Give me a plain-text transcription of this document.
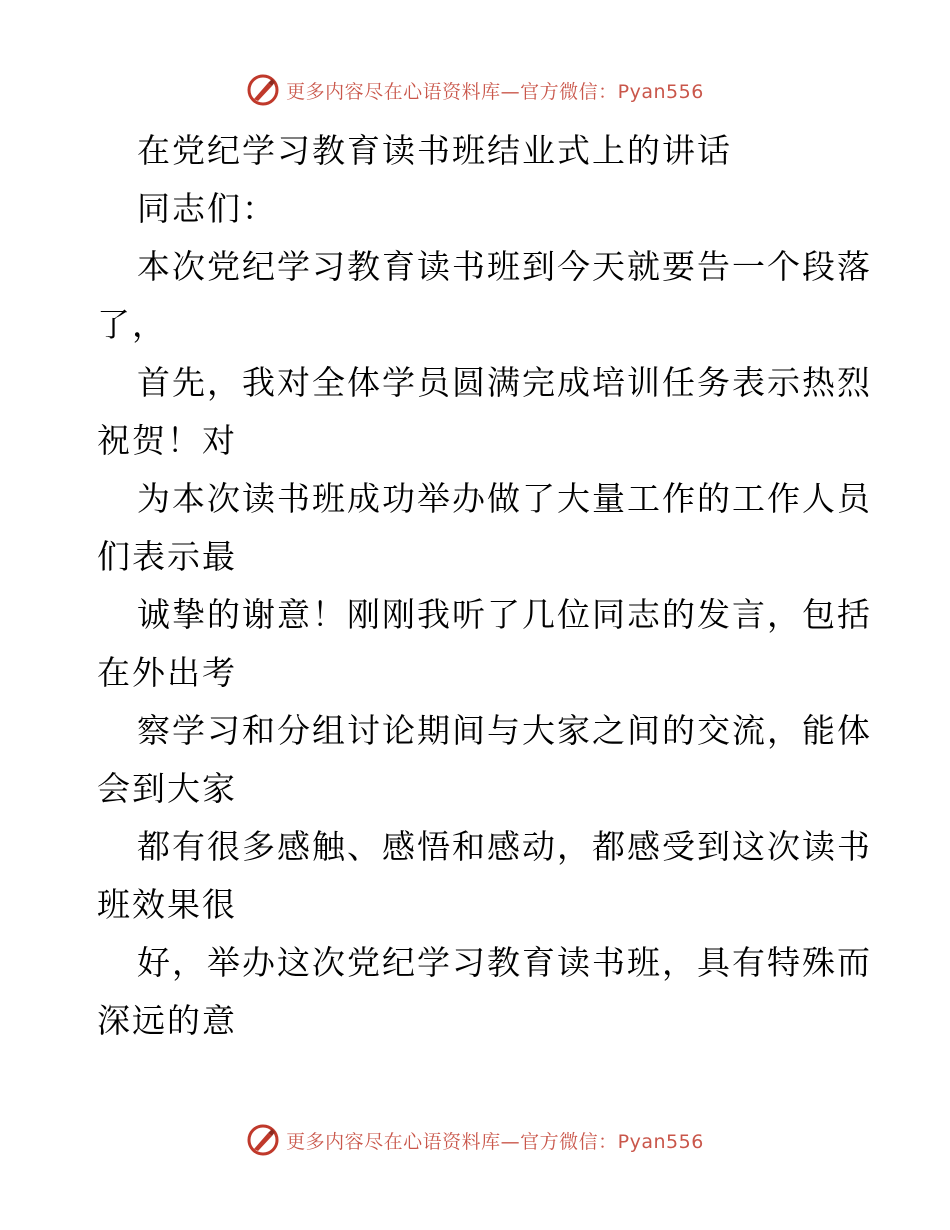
更多内容尽在心语资料库—官方微信：Pyan556
在党纪学习教育读书班结业式上的讲话
同志们：
本次党纪学习教育读书班到今天就要告一个段落
了，
首先，我对全体学员圆满完成培训任务表示热烈
祝贺！对
为本次读书班成功举办做了大量工作的工作人员
们表示最
诚挚的谢意！刚刚我听了几位同志的发言，包括
在外出考
察学习和分组讨论期间与大家之间的交流，能体
会到大家
都有很多感触、感悟和感动，都感受到这次读书
班效果很
好，举办这次党纪学习教育读书班，具有特殊而
深远的意
更多内容尽在心语资料库—官方微信：Pyan556
